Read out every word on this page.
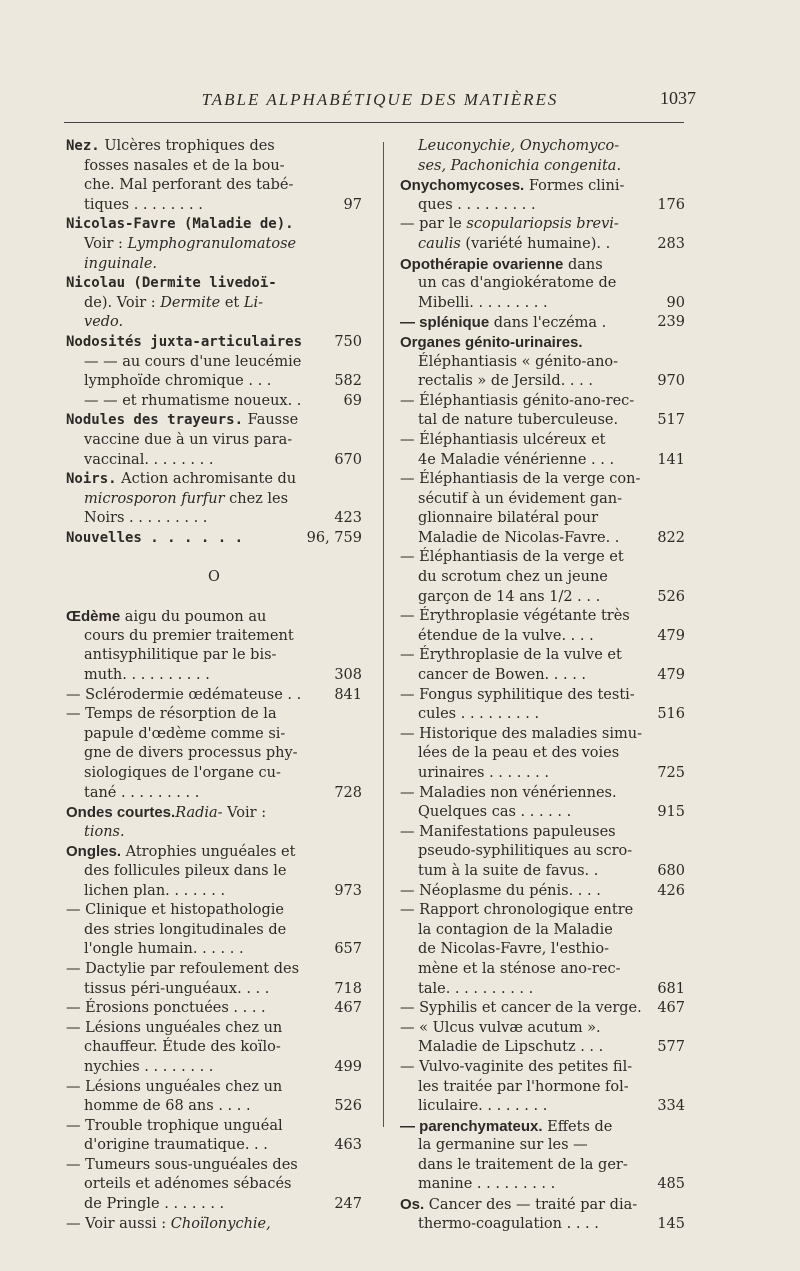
TABLE ALPHABÉTIQUE DES MATIÈRES	1037
Nez. Ulcères trophiques des
fosses nasales et de la bou-
che. Mal perforant des tabé-
tiques . . . . . . . .	97
Nicolas-Favre (Maladie de).
Voir : Lymphogranulomatose
inguinale.
Nicolau (Dermite livedoï-
de). Voir : Dermite et Li-
vedo.
Nodosités juxta-articulaires 750
— — au cours d'une leucémie
lymphoïde chromique . . .	582
— — et rhumatisme noueux. .	69
Nodules des trayeurs. Fausse
vaccine due à un virus para-
vaccinal. . . . . . . .	670
Noirs. Action achromisante du
microsporon furfur chez les
Noirs . . . . . . . . .	423
Nouvelles . . . . . .	96, 759
O
Œdème aigu du poumon au
cours du premier traitement
antisyphilitique par le bis-
muth. . . . . . . . . .	308
— Sclérodermie œdémateuse . . 841
— Temps de résorption de la
papule d'œdème comme si-
gne de divers processus phy-
siologiques de l'organe cu-
tané . . . . . . . . .	728
Ondes courtes.Radia- Voir :
tions.
Ongles. Atrophies unguéales et
des follicules pileux dans le
lichen plan. . . . . . .	973
— Clinique et histopathologie
des stries longitudinales de
l'ongle humain. . . . . .	657
— Dactylie par refoulement des
tissus péri-unguéaux. . . .	718
— Érosions ponctuées . . . .	467
— Lésions unguéales chez un
chauffeur. Étude des koïlo-
nychies . . . . . . . .	499
— Lésions unguéales chez un
homme de 68 ans . . . .	526
— Trouble trophique unguéal
d'origine traumatique. . .	463
— Tumeurs sous-unguéales des
orteils et adénomes sébacés
de Pringle . . . . . . .	247
— Voir aussi : Choïlonychie,
Leuconychie, Onychomyco-
ses, Pachonichia congenita.
Onychomycoses. Formes clini-
ques . . . . . . . . .	176
— par le scopulariopsis brevi-
caulis (variété humaine). .	283
Opothérapie ovarienne dans
un cas d'angiokératome de
Mibelli. . . . . . . . .	90
— splénique dans l'eczéma .	239
Organes génito-urinaires.
Éléphantiasis « génito-ano-
rectalis » de Jersild. . . .	970
— Éléphantiasis génito-ano-rec-
tal de nature tuberculeuse.	517
— Éléphantiasis ulcéreux et
4e Maladie vénérienne . . .	141
— Éléphantiasis de la verge con-
sécutif à un évidement gan-
glionnaire bilatéral pour
Maladie de Nicolas-Favre. .	822
— Éléphantiasis de la verge et
du scrotum chez un jeune
garçon de 14 ans 1/2 . . .	526
— Érythroplasie végétante très
étendue de la vulve. . . .	479
— Érythroplasie de la vulve et
cancer de Bowen. . . . .	479
— Fongus syphilitique des testi-
cules . . . . . . . . .	516
— Historique des maladies simu-
lées de la peau et des voies
urinaires . . . . . . .	725
— Maladies non vénériennes.
Quelques cas . . . . . .	915
— Manifestations papuleuses
pseudo-syphilitiques au scro-
tum à la suite de favus. .	680
— Néoplasme du pénis. . . .	426
— Rapport chronologique entre
la contagion de la Maladie
de Nicolas-Favre, l'esthio-
mène et la sténose ano-rec-
tale. . . . . . . . . .	681
— Syphilis et cancer de la verge. 467
— « Ulcus vulvæ acutum ».
Maladie de Lipschutz . . .	577
— Vulvo-vaginite des petites fil-
les traitée par l'hormone fol-
liculaire. . . . . . . .	334
— parenchymateux. Effets de
la germanine sur les —
dans le traitement de la ger-
manine . . . . . . . . .	485
Os. Cancer des — traité par dia-
thermo-coagulation . . . .	145
